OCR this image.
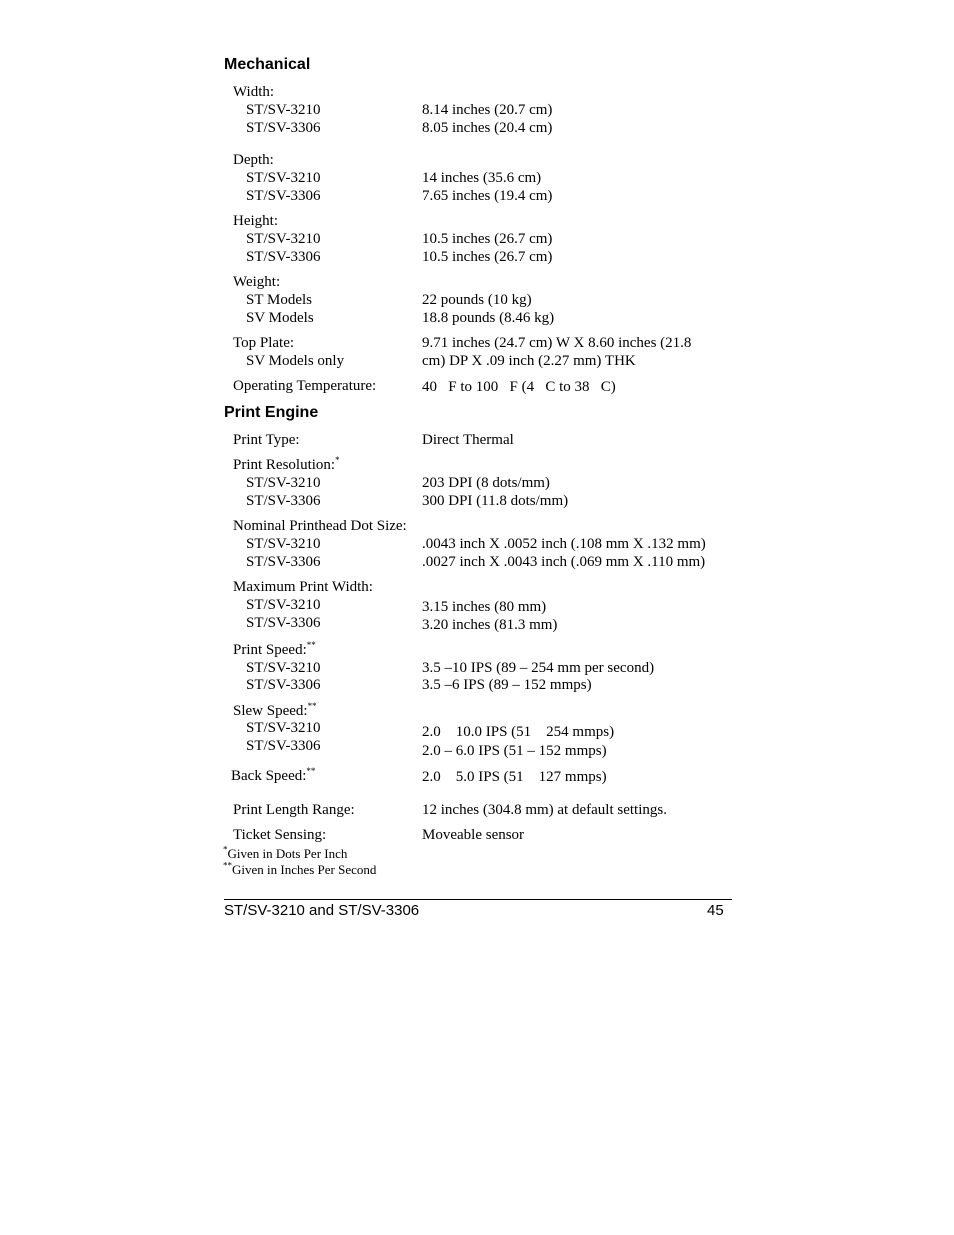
Mechanical
Width:
ST/SV-3210	8.14 inches (20.7 cm)
ST/SV-3306	8.05 inches (20.4 cm)
Depth:
ST/SV-3210	14 inches (35.6 cm)
ST/SV-3306	7.65 inches (19.4 cm)
Height:
ST/SV-3210	10.5 inches (26.7 cm)
ST/SV-3306	10.5 inches (26.7 cm)
Weight:
ST Models	22 pounds (10 kg)
SV Models	18.8 pounds (8.46 kg)
Top Plate:	9.71 inches (24.7 cm) W X 8.60 inches (21.8
SV Models only	cm) DP X .09 inch (2.27 mm) THK
Operating Temperature:	40   F to 100   F (4   C to 38   C)
Print Engine
Print Type:	Direct Thermal
Print Resolution:*
ST/SV-3210	203 DPI (8 dots/mm)
ST/SV-3306	300 DPI (11.8 dots/mm)
Nominal Printhead Dot Size:
ST/SV-3210	.0043 inch X .0052 inch (.108 mm X .132 mm)
ST/SV-3306	.0027 inch X .0043 inch (.069 mm X .110 mm)
Maximum Print Width:
ST/SV-3210	3.15 inches (80 mm)
ST/SV-3306	3.20 inches (81.3 mm)
Print Speed:**
ST/SV-3210	3.5 –10 IPS (89 – 254 mm per second)
ST/SV-3306	3.5 –6 IPS (89 – 152 mmps)
Slew Speed:**
ST/SV-3210	2.0    10.0 IPS (51    254 mmps)
ST/SV-3306	2.0 – 6.0 IPS (51 – 152 mmps)
Back Speed:**	2.0    5.0 IPS (51    127 mmps)
Print Length Range:	12 inches (304.8 mm) at default settings.
Ticket Sensing:	Moveable sensor
*Given in Dots Per Inch
**Given in Inches Per Second
ST/SV-3210 and ST/SV-3306	45
